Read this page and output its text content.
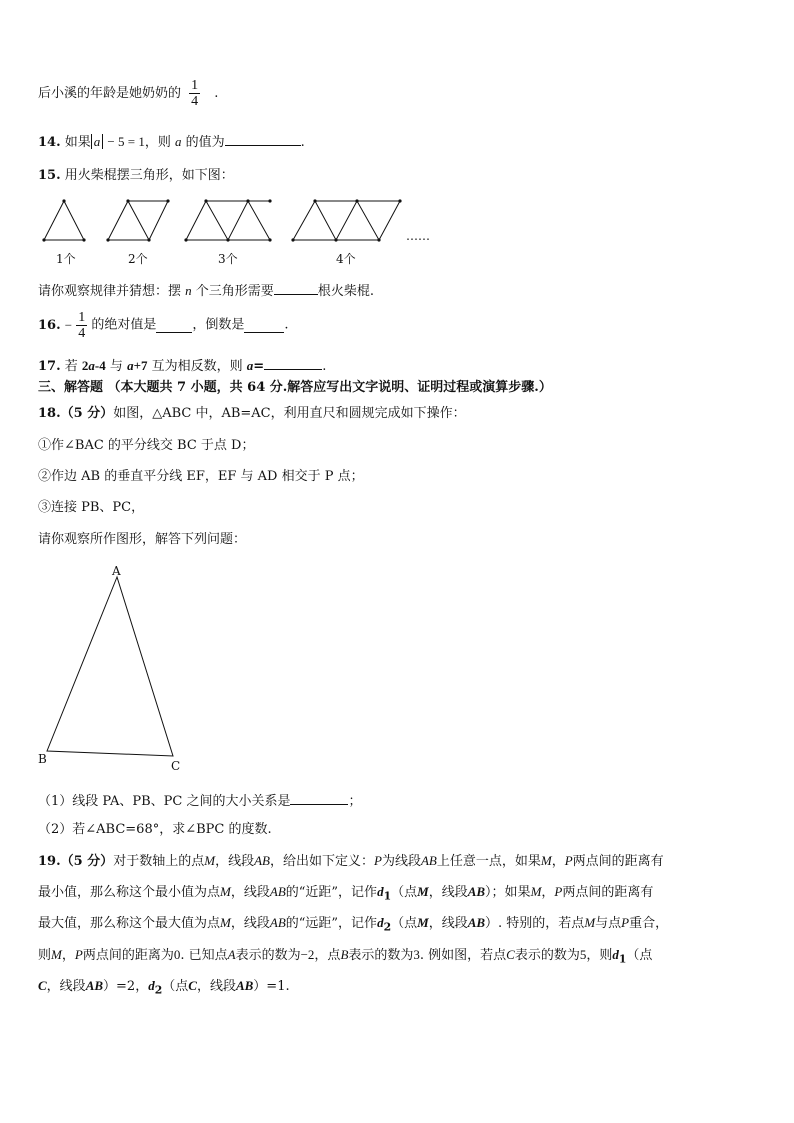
后小溪的年龄是她奶奶的 $\frac{1}{4}$ .
14. 如果 a − 5 = 1，则 a 的值为	.
15. 用火柴棍摆三角形，如下图：
1个	2个	3个	4个
……
请你观察规律并猜想：摆 n 个三角形需要	根火柴棍.
16. − $\frac{1}{4}$ 的绝对值是	，倒数是	.
17. 若 2a-4 与 a+7 互为相反数，则 a=	.
三、解答题 （本大题共 7 小题，共 64 分.解答应写出文字说明、证明过程或演算步骤.）
18.（5 分）如图，△ABC 中，AB=AC，利用直尺和圆规完成如下操作：
①作∠BAC 的平分线交 BC 于点 D；
②作边 AB 的垂直平分线 EF，EF 与 AD 相交于 P 点；
③连接 PB、PC，
请你观察所作图形，解答下列问题：
A
B	C
（1）线段 PA、PB、PC 之间的大小关系是	；
（2）若∠ABC=68°，求∠BPC 的度数.
19.（5 分）对于数轴上的点M，线段AB，给出如下定义：P为线段AB上任意一点，如果M，P两点间的距离有
最小值，那么称这个最小值为点M，线段AB的“近距”，记作$d_1$（点M，线段AB）；如果M，P两点间的距离有
最大值，那么称这个最大值为点M，线段AB的“远距”，记作$d_2$（点M，线段AB）. 特别的，若点M与点P重合，
则M，P两点间的距离为0. 已知点A表示的数为−2，点B表示的数为3. 例如图，若点C表示的数为5，则$d_1$（点
C，线段AB）=2，$d_2$（点C，线段AB）=1.
